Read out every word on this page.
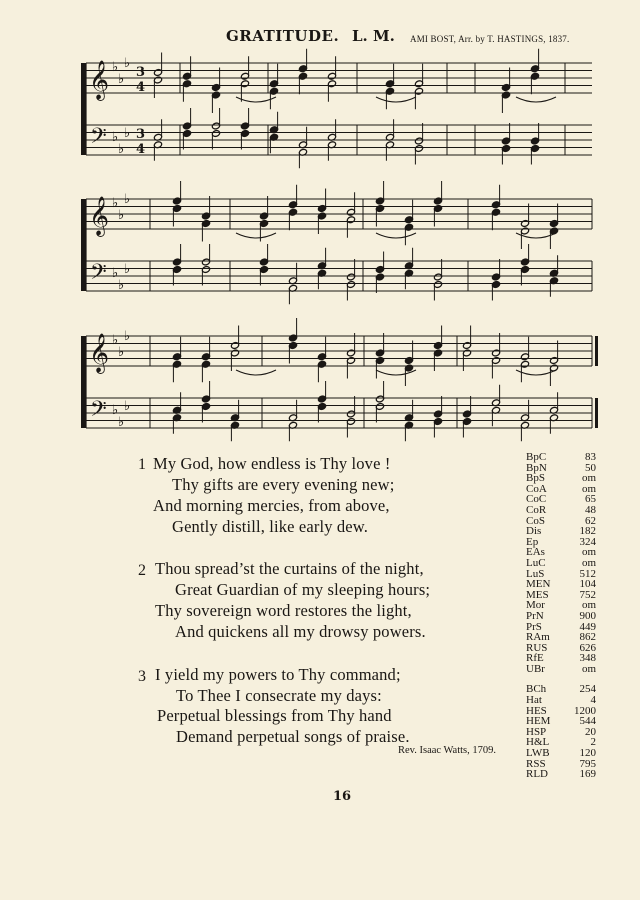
GRATITUDE. L. M. AMI BOST, Arr. by T. HASTINGS, 1837.
𝄞
𝄢
♭
♭
♭
♭
♭
♭
3
4
3
4
𝄞
𝄢
♭
♭
♭
♭
♭
♭
𝄞
𝄢
♭
♭
♭
♭
♭
♭
1 My God, how endless is Thy love !
Thy gifts are every evening new;
And morning mercies, from above,
Gently distill, like early dew.
2 Thou spread’st the curtains of the night,
Great Guardian of my sleeping hours;
Thy sovereign word restores the light,
And quickens all my drowsy powers.
3 I yield my powers to Thy command;
To Thee I consecrate my days:
Perpetual blessings from Thy hand
Demand perpetual songs of praise.
Rev. Isaac Watts, 1709.
BpC	83
BpN	50
BpS	om
CoA	om
CoC	65
CoR	48
CoS	62
Dis	182
Ep	324
EAs	om
LuC	om
LuS	512
MEN	104
MES	752
Mor	om
PrN	900
PrS	449
RAm	862
RUS	626
RfE	348
UBr	om
BCh	254
Hat	4
HES 1200
HEM	544
HSP	20
H&L	2
LWB	120
RSS	795
RLD	169
16
